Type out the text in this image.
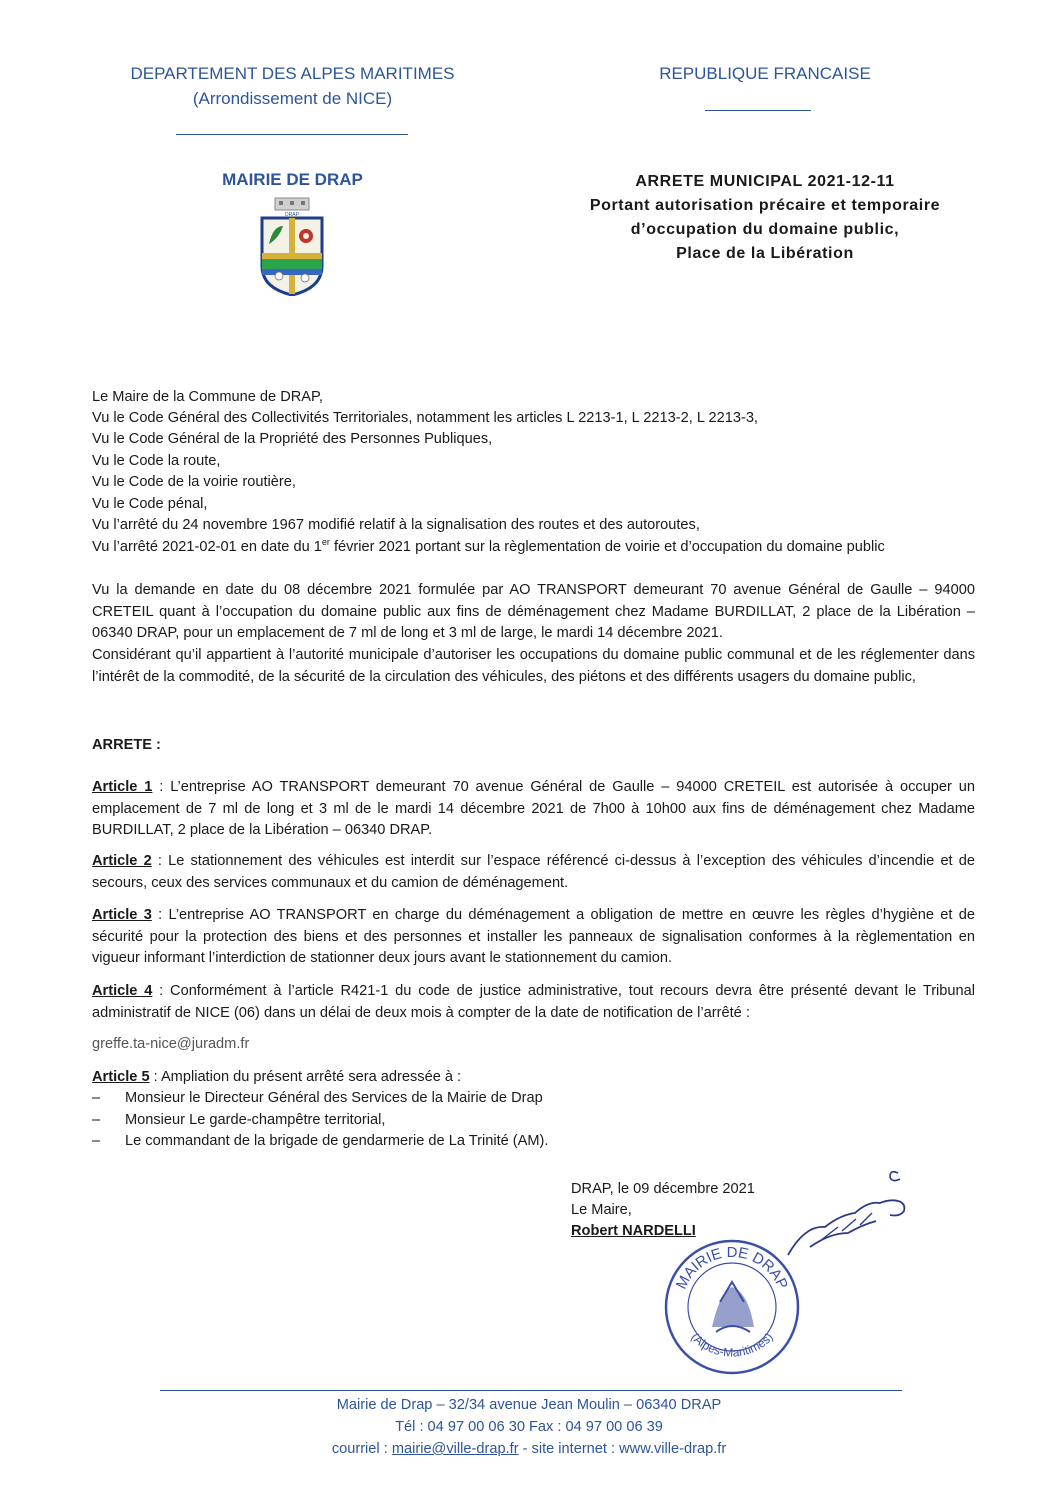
DEPARTEMENT DES ALPES MARITIMES
(Arrondissement de NICE)
MAIRIE DE DRAP
DRAP
REPUBLIQUE FRANCAISE
ARRETE MUNICIPAL 2021-12-11
Portant autorisation précaire et temporaire
d’occupation du domaine public,
Place de la Libération
Le Maire de la Commune de DRAP,
Vu le Code Général des Collectivités Territoriales, notamment les articles L 2213-1, L 2213-2, L 2213-3,
Vu le Code Général de la Propriété des Personnes Publiques,
Vu le Code la route,
Vu le Code de la voirie routière,
Vu le Code pénal,
Vu l’arrêté du 24 novembre 1967 modifié relatif à la signalisation des routes et des autoroutes,
Vu l’arrêté 2021-02-01 en date du 1er février 2021 portant sur la règlementation de voirie et d’occupation du domaine public
Vu la demande en date du 08 décembre 2021 formulée par AO TRANSPORT demeurant 70 avenue Général de Gaulle – 94000 CRETEIL quant à l’occupation du domaine public aux fins de déménagement chez Madame BURDILLAT, 2 place de la Libération – 06340 DRAP, pour un emplacement de 7 ml de long et 3 ml de large, le mardi 14 décembre 2021.
Considérant qu’il appartient à l’autorité municipale d’autoriser les occupations du domaine public communal et de les réglementer dans l’intérêt de la commodité, de la sécurité de la circulation des véhicules, des piétons et des différents usagers du domaine public,
ARRETE :
Article 1 : L’entreprise AO TRANSPORT demeurant 70 avenue Général de Gaulle – 94000 CRETEIL est autorisée à occuper un emplacement de 7 ml de long et 3 ml de le mardi 14 décembre 2021 de 7h00 à 10h00 aux fins de déménagement chez Madame BURDILLAT, 2 place de la Libération – 06340 DRAP.
Article 2 : Le stationnement des véhicules est interdit sur l’espace référencé ci-dessus à l’exception des véhicules d’incendie et de secours, ceux des services communaux et du camion de déménagement.
Article 3 : L’entreprise AO TRANSPORT en charge du déménagement a obligation de mettre en œuvre les règles d’hygiène et de sécurité pour la protection des biens et des personnes et installer les panneaux de signalisation conformes à la règlementation en vigueur informant l’interdiction de stationner deux jours avant le stationnement du camion.
Article 4 : Conformément à l’article R421-1 du code de justice administrative, tout recours devra être présenté devant le Tribunal administratif de NICE (06) dans un délai de deux mois à compter de la date de notification de l’arrêté :
greffe.ta-nice@juradm.fr
Article 5 : Ampliation du présent arrêté sera adressée à :
– Monsieur le Directeur Général des Services de la Mairie de Drap
– Monsieur Le garde-champêtre territorial,
– Le commandant de la brigade de gendarmerie de La Trinité (AM).
DRAP, le 09 décembre 2021
Le Maire,
Robert NARDELLI
MAIRIE DE DRAP
(Alpes-Maritimes)
Mairie de Drap – 32/34 avenue Jean Moulin – 06340 DRAP
Tél : 04 97 00 06 30 Fax : 04 97 00 06 39
courriel : mairie@ville-drap.fr - site internet : www.ville-drap.fr
